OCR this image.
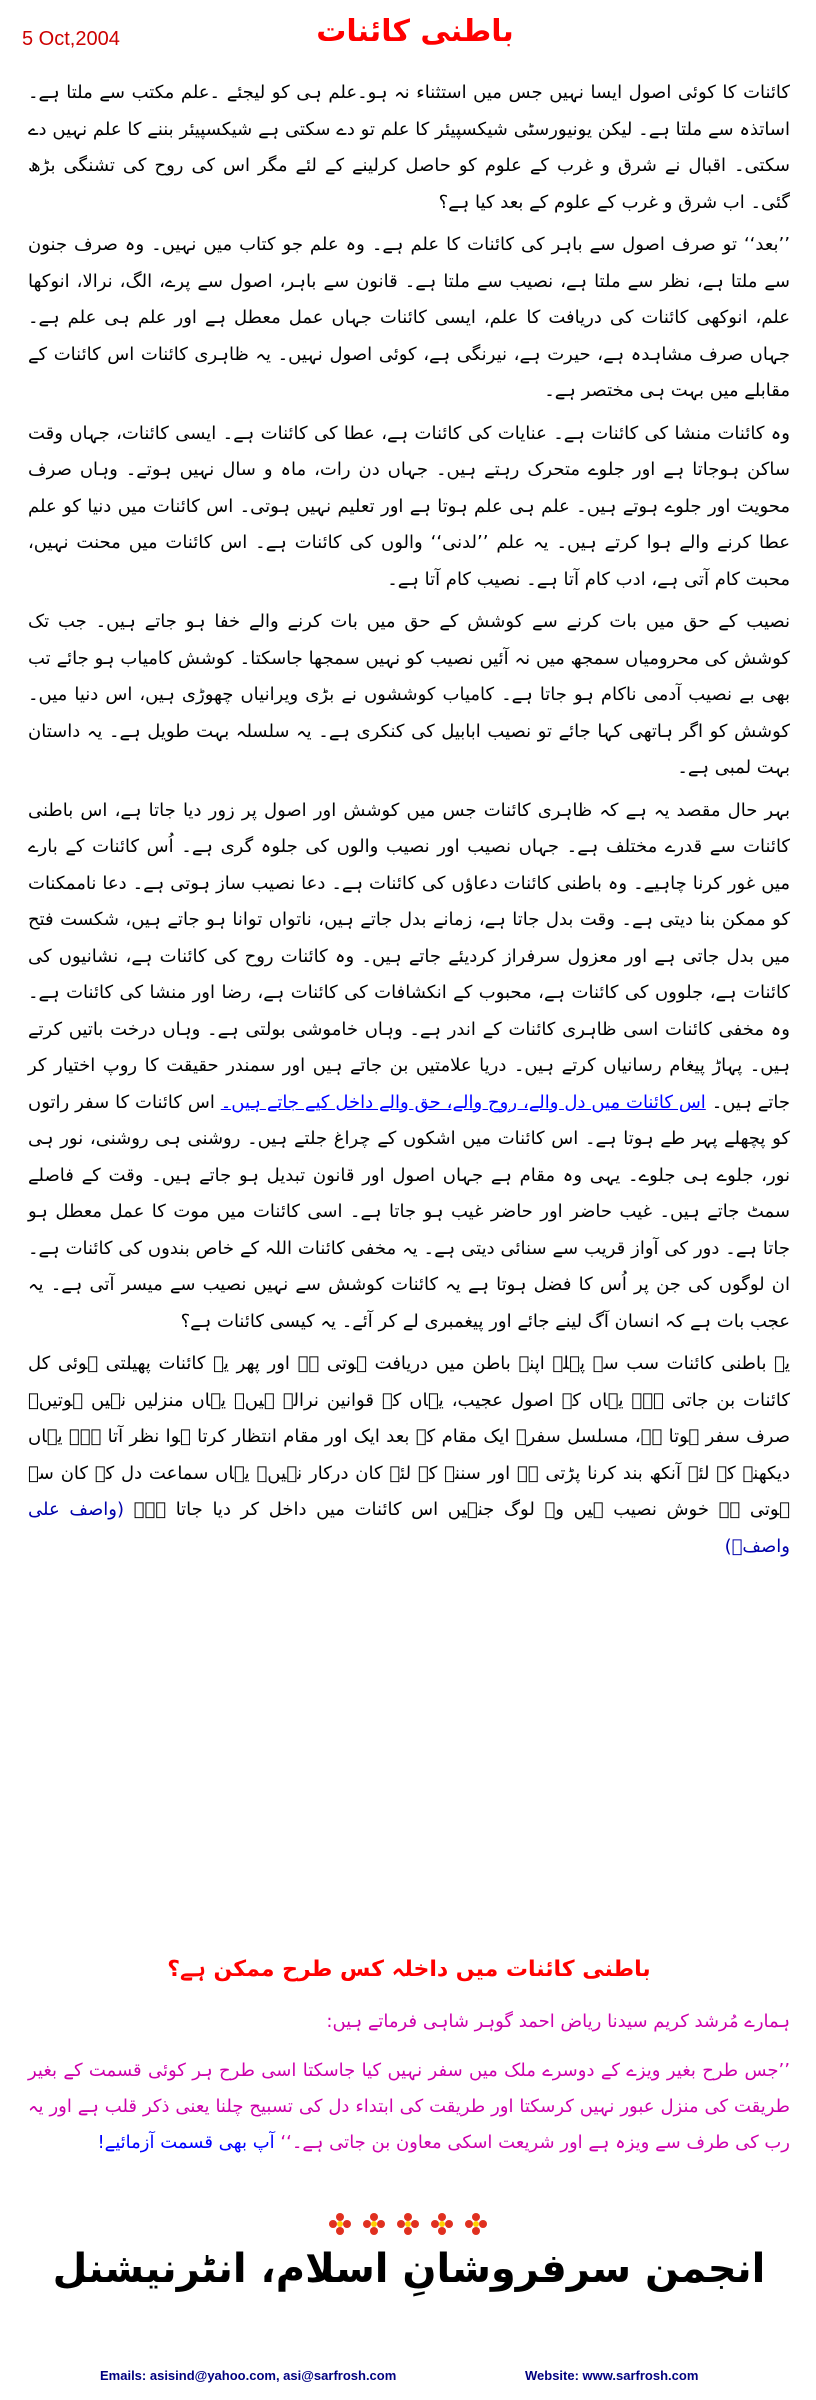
5 Oct,2004	باطنی کائنات

کائنات کا کوئی اصول ایسا نہیں جس میں استثناء نہ ہو۔علم ہی کو لیجئے ۔علم مکتب سے ملتا ہے۔ اساتذہ سے ملتا ہے۔ لیکن یونیورسٹی شیکسپیئر کا علم تو دے سکتی ہے شیکسپیئر بننے کا علم نہیں دے سکتی۔ اقبال نے شرق و غرب کے علوم کو حاصل کرلینے کے لئے مگر اس کی روح کی تشنگی بڑھ گئی۔ اب شرق و غرب کے علوم کے بعد کیا ہے؟

’’بعد‘‘ تو صرف اصول سے باہر کی کائنات کا علم ہے۔ وہ علم جو کتاب میں نہیں۔ وہ صرف جنون سے ملتا ہے، نظر سے ملتا ہے، نصیب سے ملتا ہے۔ قانون سے باہر، اصول سے پرے، الگ، نرالا، انوکھا علم، انوکھی کائنات کی دریافت کا علم، ایسی کائنات جہاں عمل معطل ہے اور علم ہی علم ہے۔ جہاں صرف مشاہدہ ہے، حیرت ہے، نیرنگی ہے، کوئی اصول نہیں۔ یہ ظاہری کائنات اس کائنات کے مقابلے میں بہت ہی مختصر ہے۔

وہ کائنات منشا کی کائنات ہے۔ عنایات کی کائنات ہے، عطا کی کائنات ہے۔ ایسی کائنات، جہاں وقت ساکن ہوجاتا ہے اور جلوے متحرک رہتے ہیں۔ جہاں دن رات، ماہ و سال نہیں ہوتے۔ وہاں صرف محویت اور جلوے ہوتے ہیں۔ علم ہی علم ہوتا ہے اور تعلیم نہیں ہوتی۔ اس کائنات میں دنیا کو علم عطا کرنے والے ہوا کرتے ہیں۔ یہ علم ’’لدنی‘‘ والوں کی کائنات ہے۔ اس کائنات میں محنت نہیں، محبت کام آتی ہے، ادب کام آتا ہے۔ نصیب کام آتا ہے۔

نصیب کے حق میں بات کرنے سے کوشش کے حق میں بات کرنے والے خفا ہو جاتے ہیں۔ جب تک کوشش کی محرومیاں سمجھ میں نہ آئیں نصیب کو نہیں سمجھا جاسکتا۔ کوشش کامیاب ہو جائے تب بھی بے نصیب آدمی ناکام ہو جاتا ہے۔ کامیاب کوششوں نے بڑی ویرانیاں چھوڑی ہیں، اس دنیا میں۔ کوشش کو اگر ہاتھی کہا جائے تو نصیب ابابیل کی کنکری ہے۔ یہ سلسلہ بہت طویل ہے۔ یہ داستان بہت لمبی ہے۔

بہر حال مقصد یہ ہے کہ ظاہری کائنات جس میں کوشش اور اصول پر زور دیا جاتا ہے، اس باطنی کائنات سے قدرے مختلف ہے۔ جہاں نصیب اور نصیب والوں کی جلوہ گری ہے۔ اُس کائنات کے بارے میں غور کرنا چاہیے۔ وہ باطنی کائنات دعاؤں کی کائنات ہے۔ دعا نصیب ساز ہوتی ہے۔ دعا ناممکنات کو ممکن بنا دیتی ہے۔ وقت بدل جاتا ہے، زمانے بدل جاتے ہیں، ناتواں توانا ہو جاتے ہیں، شکست فتح میں بدل جاتی ہے اور معزول سرفراز کردیئے جاتے ہیں۔ وہ کائنات روح کی کائنات ہے، نشانیوں کی کائنات ہے، جلووں کی کائنات ہے، محبوب کے انکشافات کی کائنات ہے، رضا اور منشا کی کائنات ہے۔ وہ مخفی کائنات اسی ظاہری کائنات کے اندر ہے۔ وہاں خاموشی بولتی ہے۔ وہاں درخت باتیں کرتے ہیں۔ پہاڑ پیغام رسانیاں کرتے ہیں۔ دریا علامتیں بن جاتے ہیں اور سمندر حقیقت کا روپ اختیار کر جاتے ہیں۔ اس کائنات میں دل والے، روح والے، حق والے داخل کیے جاتے ہیں۔ اس کائنات کا سفر راتوں کو پچھلے پہر طے ہوتا ہے۔ اس کائنات میں اشکوں کے چراغ جلتے ہیں۔ روشنی ہی روشنی، نور ہی نور، جلوے ہی جلوے۔ یہی وہ مقام ہے جہاں اصول اور قانون تبدیل ہو جاتے ہیں۔ وقت کے فاصلے سمٹ جاتے ہیں۔ غیب حاضر اور حاضر غیب ہو جاتا ہے۔ اسی کائنات میں موت کا عمل معطل ہو جاتا ہے۔ دور کی آواز قریب سے سنائی دیتی ہے۔ یہ مخفی کائنات اللہ کے خاص بندوں کی کائنات ہے۔ ان لوگوں کی جن پر اُس کا فضل ہوتا ہے یہ کائنات کوشش سے نہیں نصیب سے میسر آتی ہے۔ یہ عجب بات ہے کہ انسان آگ لینے جائے اور پیغمبری لے کر آئے۔ یہ کیسی کائنات ہے؟

یہ باطنی کائنات سب سے پہلے اپنے باطن میں دریافت ہوتی ہے اور پھر یہ کائنات پھیلتی ہوئی کل کائنات بن جاتی ہے۔ یہاں کے اصول عجیب، یہاں کے قوانین نرالے ہیں۔ یہاں منزلیں نہیں ہوتیں۔ صرف سفر ہوتا ہے، مسلسل سفر۔ ایک مقام کے بعد ایک اور مقام انتظار کرتا ہوا نظر آتا ہے۔ یہاں دیکھنے کے لئے آنکھ بند کرنا پڑتی ہے اور سننے کے لئے کان درکار نہیں۔ یہاں سماعت دل کے کان سے ہوتی ہے خوش نصیب ہیں وہ لوگ جنہیں اس کائنات میں داخل کر دیا جاتا ہے۔ (واصف علی واصفؒ)

باطنی کائنات میں داخلہ کس طرح ممکن ہے؟
ہمارے مُرشد کریم سیدنا ریاض احمد گوہر شاہی فرماتے ہیں:
’’جس طرح بغیر ویزے کے دوسرے ملک میں سفر نہیں کیا جاسکتا اسی طرح ہر کوئی قسمت کے بغیر طریقت کی منزل عبور نہیں کرسکتا اور طریقت کی ابتداء دل کی تسبیح چلنا یعنی ذکر قلب ہے اور یہ رب کی طرف سے ویزہ ہے اور شریعت اسکی معاون بن جاتی ہے۔‘‘ آپ بھی قسمت آزمائیے!
انجمن سرفروشانِ اسلام، انٹرنیشنل
Emails: asisind@yahoo.com, asi@sarfrosh.com	Website: www.sarfrosh.com
